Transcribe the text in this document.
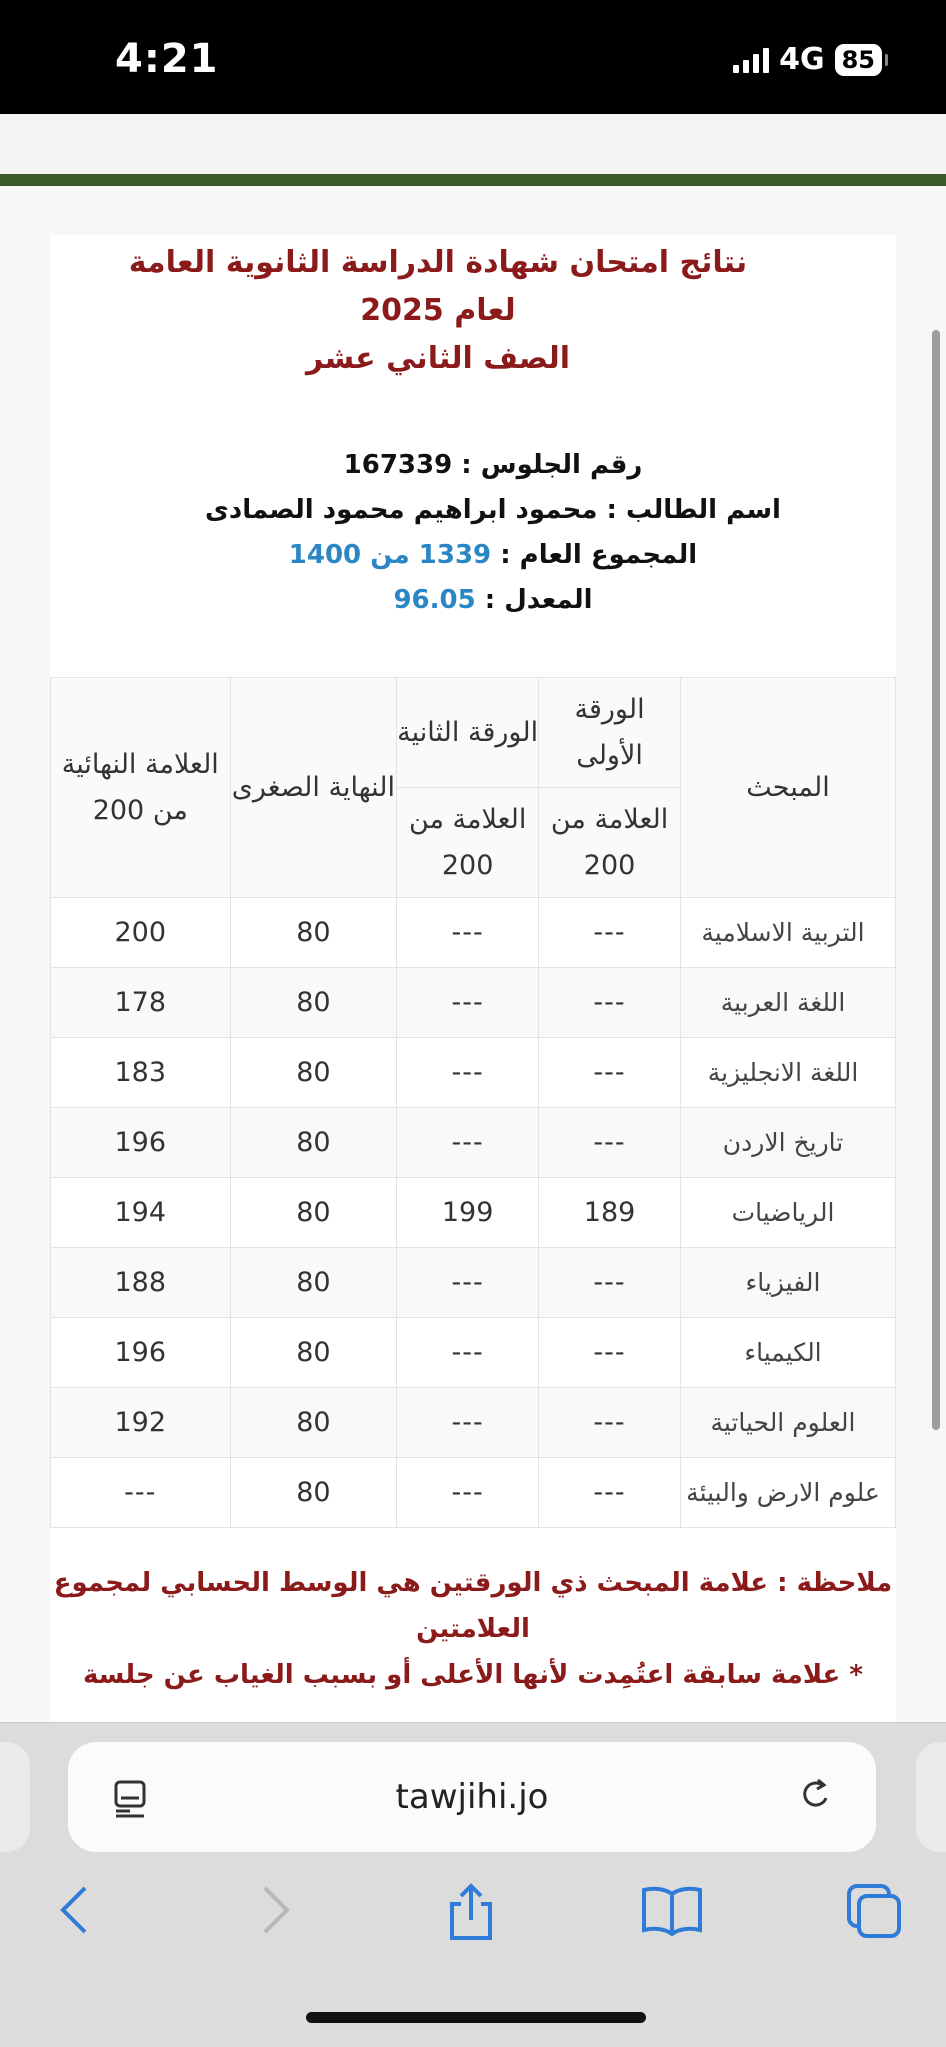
4:21	4G 85
نتائج امتحان شهادة الدراسة الثانوية العامة
لعام 2025
الصف الثاني عشر
رقم الجلوس : 167339
اسم الطالب : محمود ابراهيم محمود الصمادى
المجموع العام : 1339 من 1400
المعدل : 96.05
المبحث	الورقة الأولى	الورقة الثانية	النهاية الصغرى	العلامة النهائية من 200
	العلامة من 200	العلامة من 200		
التربية الاسلامية	---	---	80	200
اللغة العربية	---	---	80	178
اللغة الانجليزية	---	---	80	183
تاريخ الاردن	---	---	80	196
الرياضيات	189	199	80	194
الفيزياء	---	---	80	188
الكيمياء	---	---	80	196
العلوم الحياتية	---	---	80	192
علوم الارض والبيئة	---	---	80	---

ملاحظة : علامة المبحث ذي الورقتين هي الوسط الحسابي لمجموع العلامتين

* علامة سابقة اعتُمِدت لأنها الأعلى أو بسبب الغياب عن جلسة

tawjihi.jo
